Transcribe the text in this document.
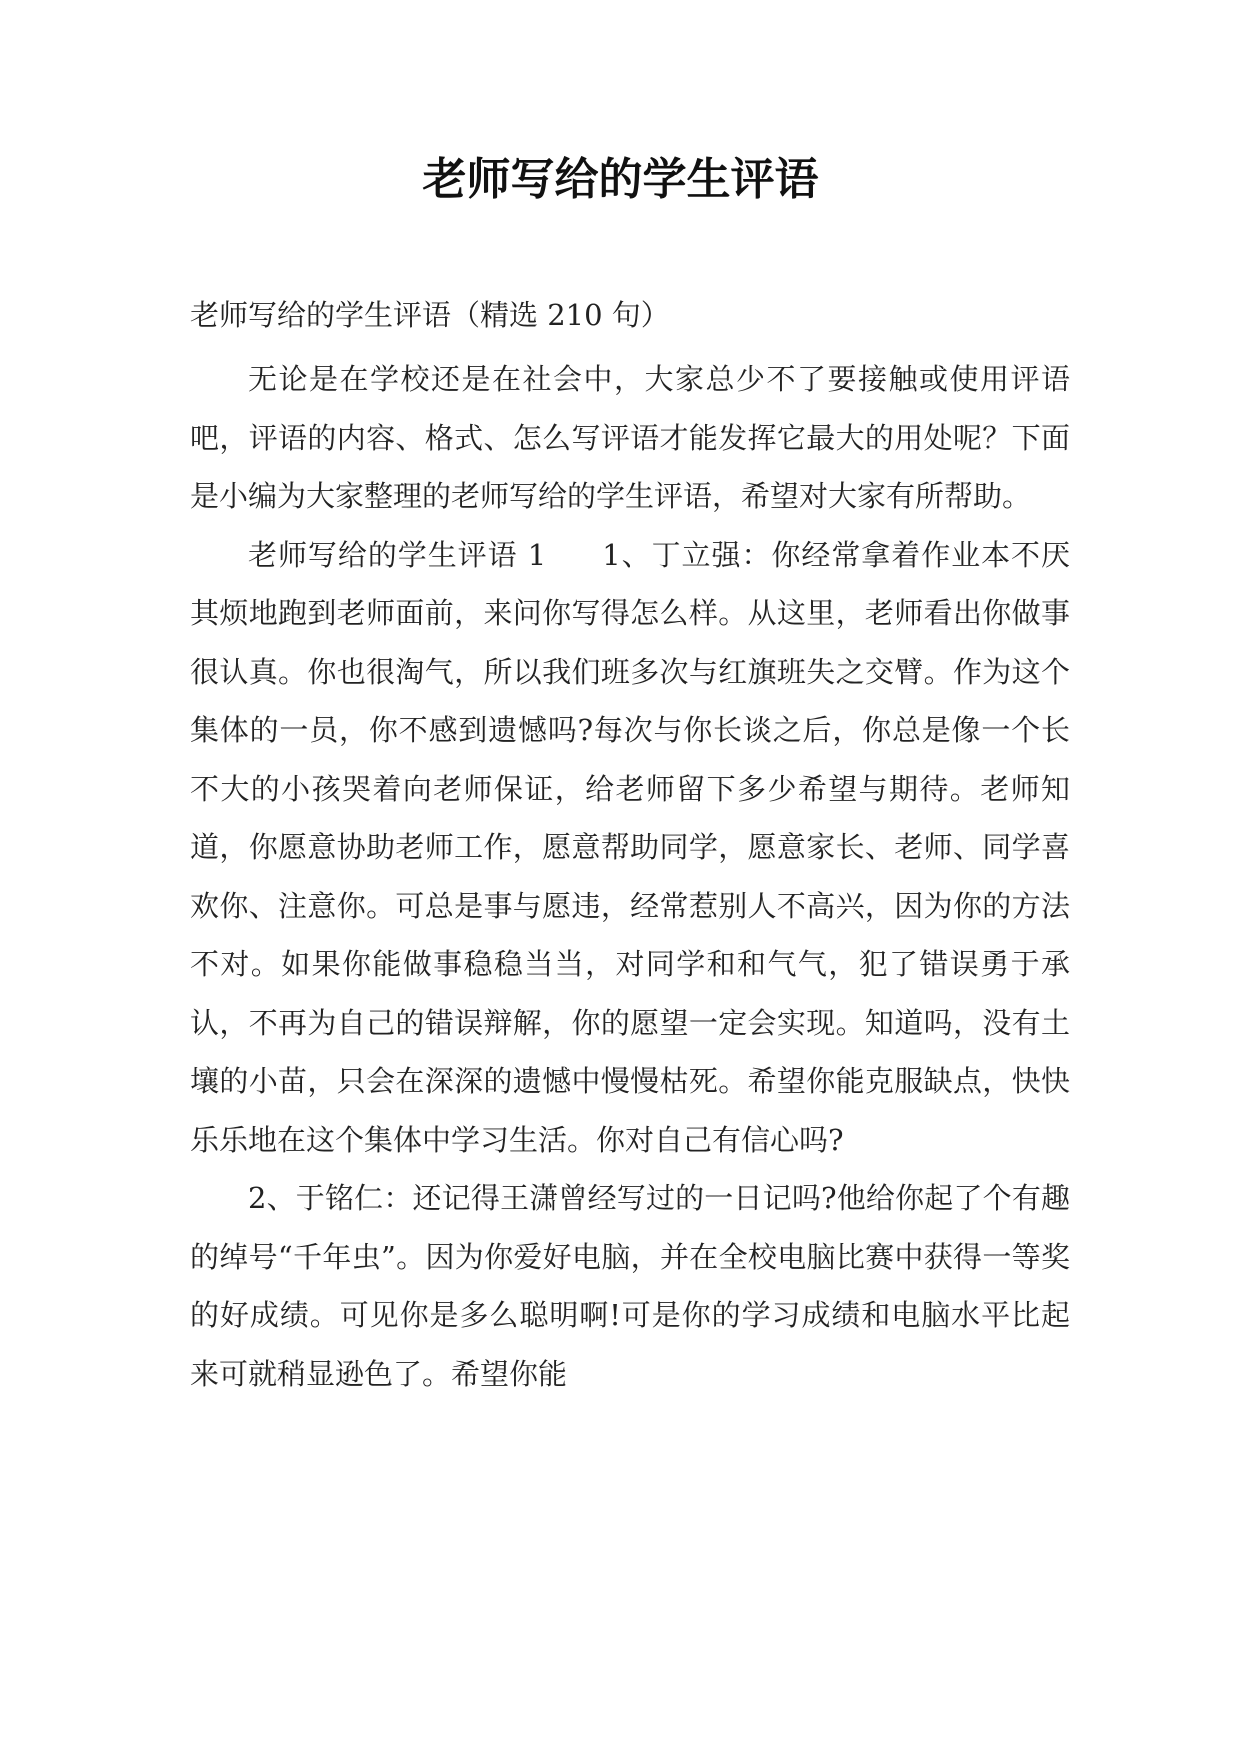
老师写给的学生评语

老师写给的学生评语（精选 210 句）

无论是在学校还是在社会中，大家总少不了要接触或使用评语吧，评语的内容、格式、怎么写评语才能发挥它最大的用处呢？下面是小编为大家整理的老师写给的学生评语，希望对大家有所帮助。

老师写给的学生评语 1 1、丁立强：你经常拿着作业本不厌其烦地跑到老师面前，来问你写得怎么样。从这里，老师看出你做事很认真。你也很淘气，所以我们班多次与红旗班失之交臂。作为这个集体的一员，你不感到遗憾吗?每次与你长谈之后，你总是像一个长不大的小孩哭着向老师保证，给老师留下多少希望与期待。老师知道，你愿意协助老师工作，愿意帮助同学，愿意家长、老师、同学喜欢你、注意你。可总是事与愿违，经常惹别人不高兴，因为你的方法不对。如果你能做事稳稳当当，对同学和和气气，犯了错误勇于承认，不再为自己的错误辩解，你的愿望一定会实现。知道吗，没有土壤的小苗，只会在深深的遗憾中慢慢枯死。希望你能克服缺点，快快乐乐地在这个集体中学习生活。你对自己有信心吗?

2、于铭仁：还记得王潇曾经写过的一日记吗?他给你起了个有趣的绰号“千年虫”。因为你爱好电脑，并在全校电脑比赛中获得一等奖的好成绩。可见你是多么聪明啊!可是你的学习成绩和电脑水平比起来可就稍显逊色了。希望你能
